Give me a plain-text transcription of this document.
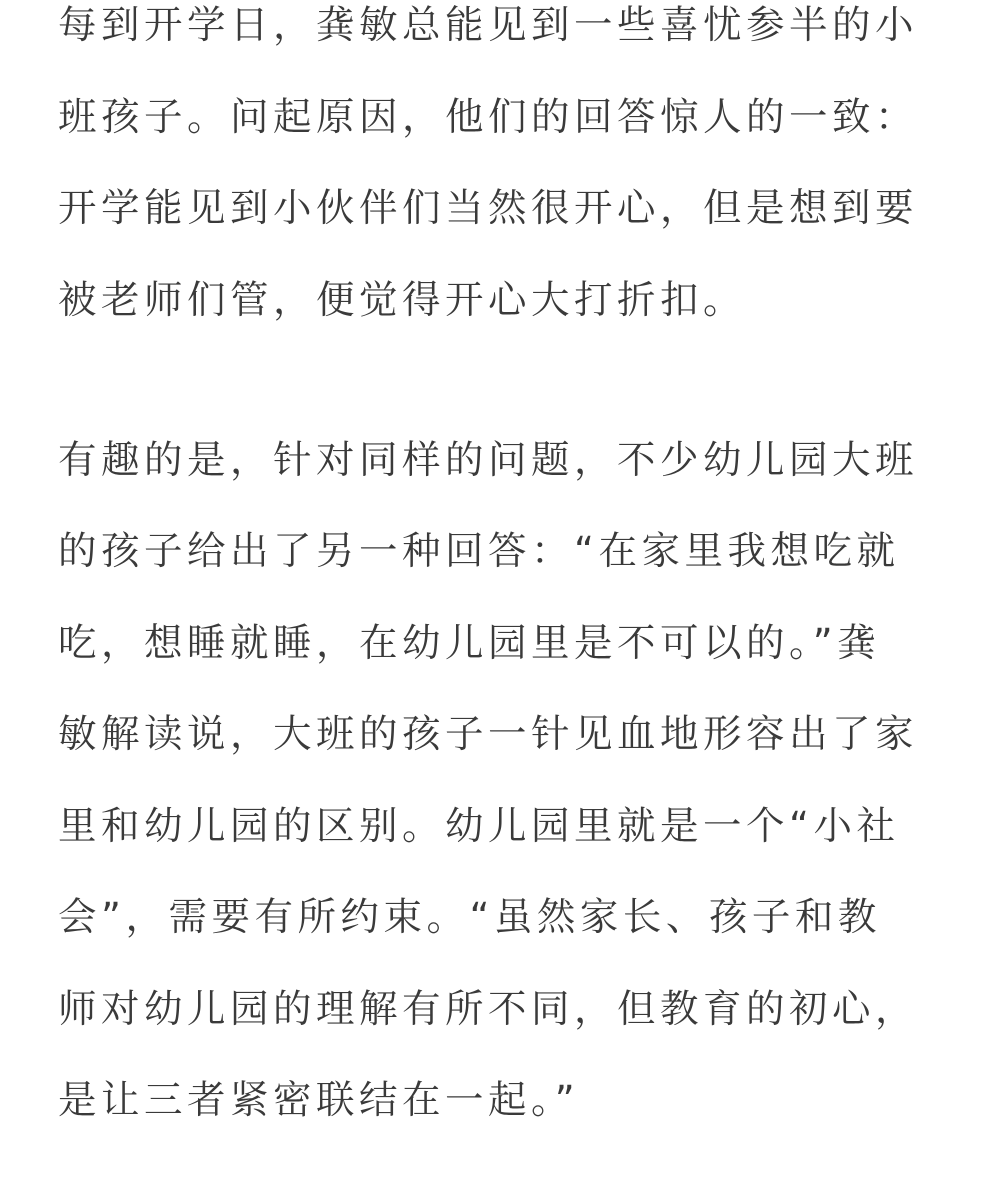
每到开学日，龚敏总能见到一些喜忧参半的小
班孩子。问起原因，他们的回答惊人的一致：
开学能见到小伙伴们当然很开心，但是想到要
被老师们管，便觉得开心大打折扣。
有趣的是，针对同样的问题，不少幼儿园大班
的孩子给出了另一种回答：“在家里我想吃就
吃，想睡就睡，在幼儿园里是不可以的。”龚
敏解读说，大班的孩子一针见血地形容出了家
里和幼儿园的区别。幼儿园里就是一个“小社
会”，需要有所约束。“虽然家长、孩子和教
师对幼儿园的理解有所不同，但教育的初心，
是让三者紧密联结在一起。”
